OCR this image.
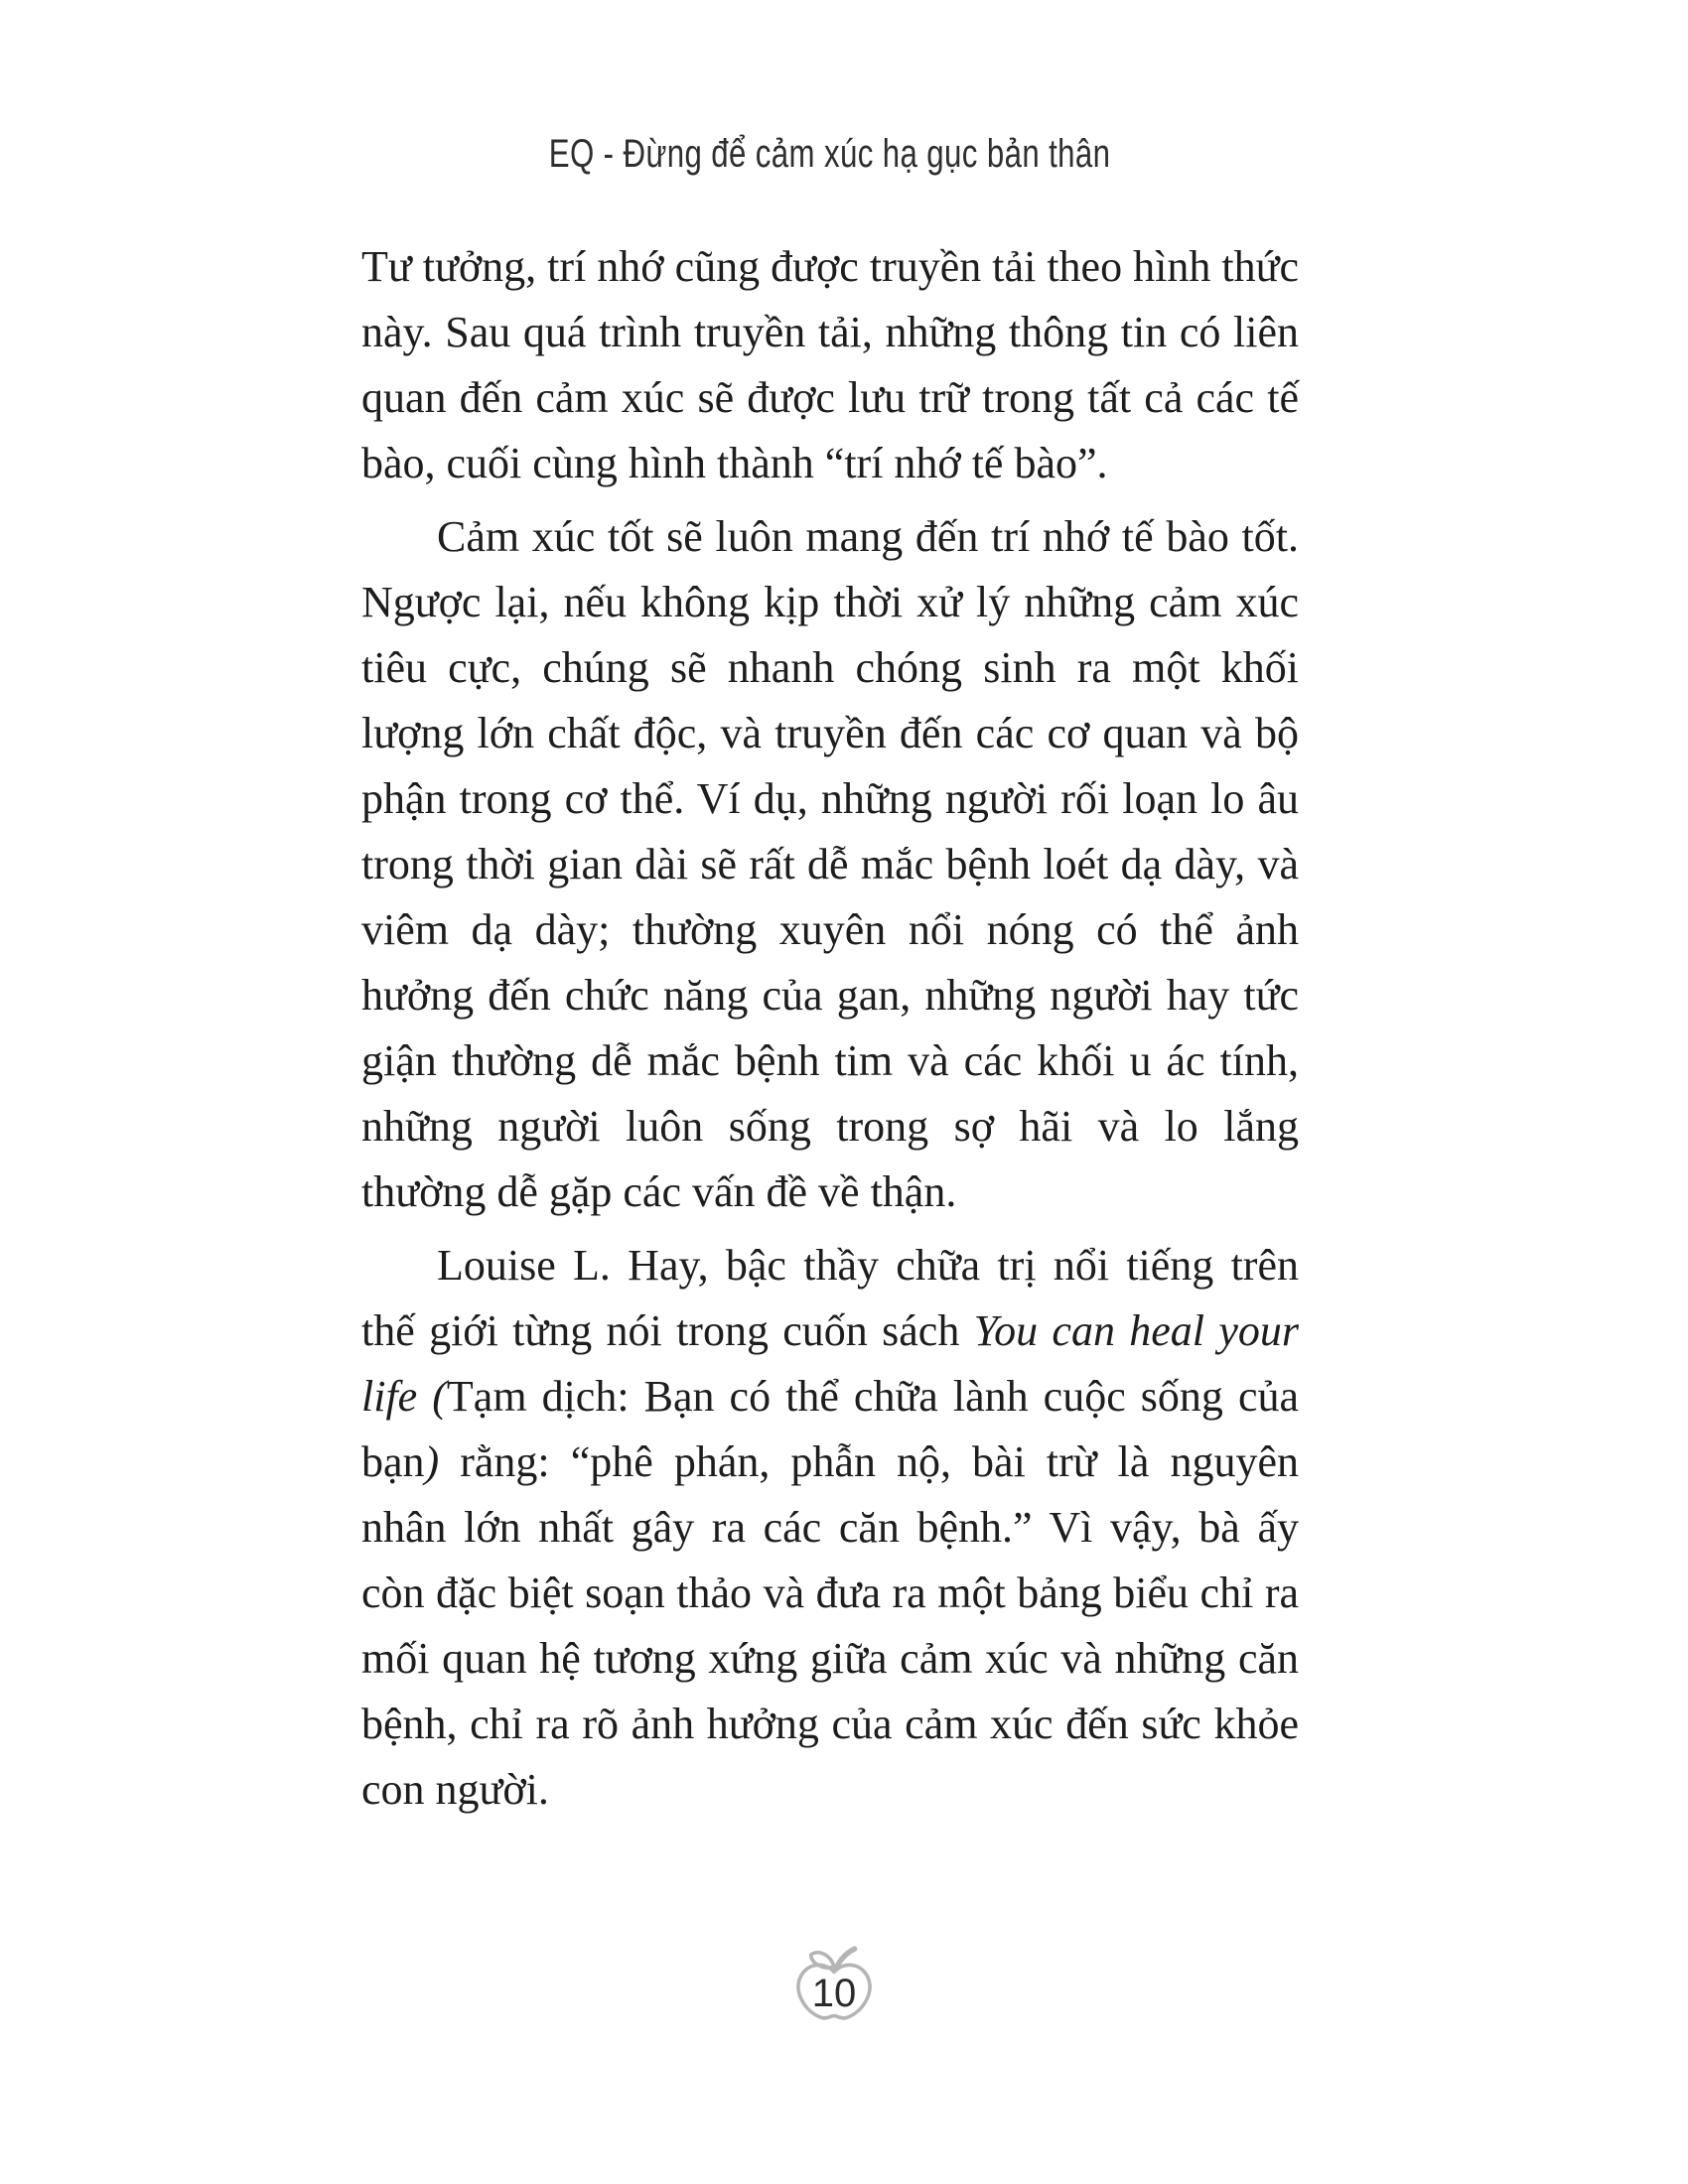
EQ - Đừng để cảm xúc hạ gục bản thân

Tư tưởng, trí nhớ cũng được truyền tải theo hình thức này. Sau quá trình truyền tải, những thông tin có liên quan đến cảm xúc sẽ được lưu trữ trong tất cả các tế bào, cuối cùng hình thành “trí nhớ tế bào”.

Cảm xúc tốt sẽ luôn mang đến trí nhớ tế bào tốt. Ngược lại, nếu không kịp thời xử lý những cảm xúc tiêu cực, chúng sẽ nhanh chóng sinh ra một khối lượng lớn chất độc, và truyền đến các cơ quan và bộ phận trong cơ thể. Ví dụ, những người rối loạn lo âu trong thời gian dài sẽ rất dễ mắc bệnh loét dạ dày, và viêm dạ dày; thường xuyên nổi nóng có thể ảnh hưởng đến chức năng của gan, những người hay tức giận thường dễ mắc bệnh tim và các khối u ác tính, những người luôn sống trong sợ hãi và lo lắng thường dễ gặp các vấn đề về thận.

Louise L. Hay, bậc thầy chữa trị nổi tiếng trên thế giới từng nói trong cuốn sách You can heal your life (Tạm dịch: Bạn có thể chữa lành cuộc sống của bạn) rằng: “phê phán, phẫn nộ, bài trừ là nguyên nhân lớn nhất gây ra các căn bệnh.” Vì vậy, bà ấy còn đặc biệt soạn thảo và đưa ra một bảng biểu chỉ ra mối quan hệ tương xứng giữa cảm xúc và những căn bệnh, chỉ ra rõ ảnh hưởng của cảm xúc đến sức khỏe con người.

10
